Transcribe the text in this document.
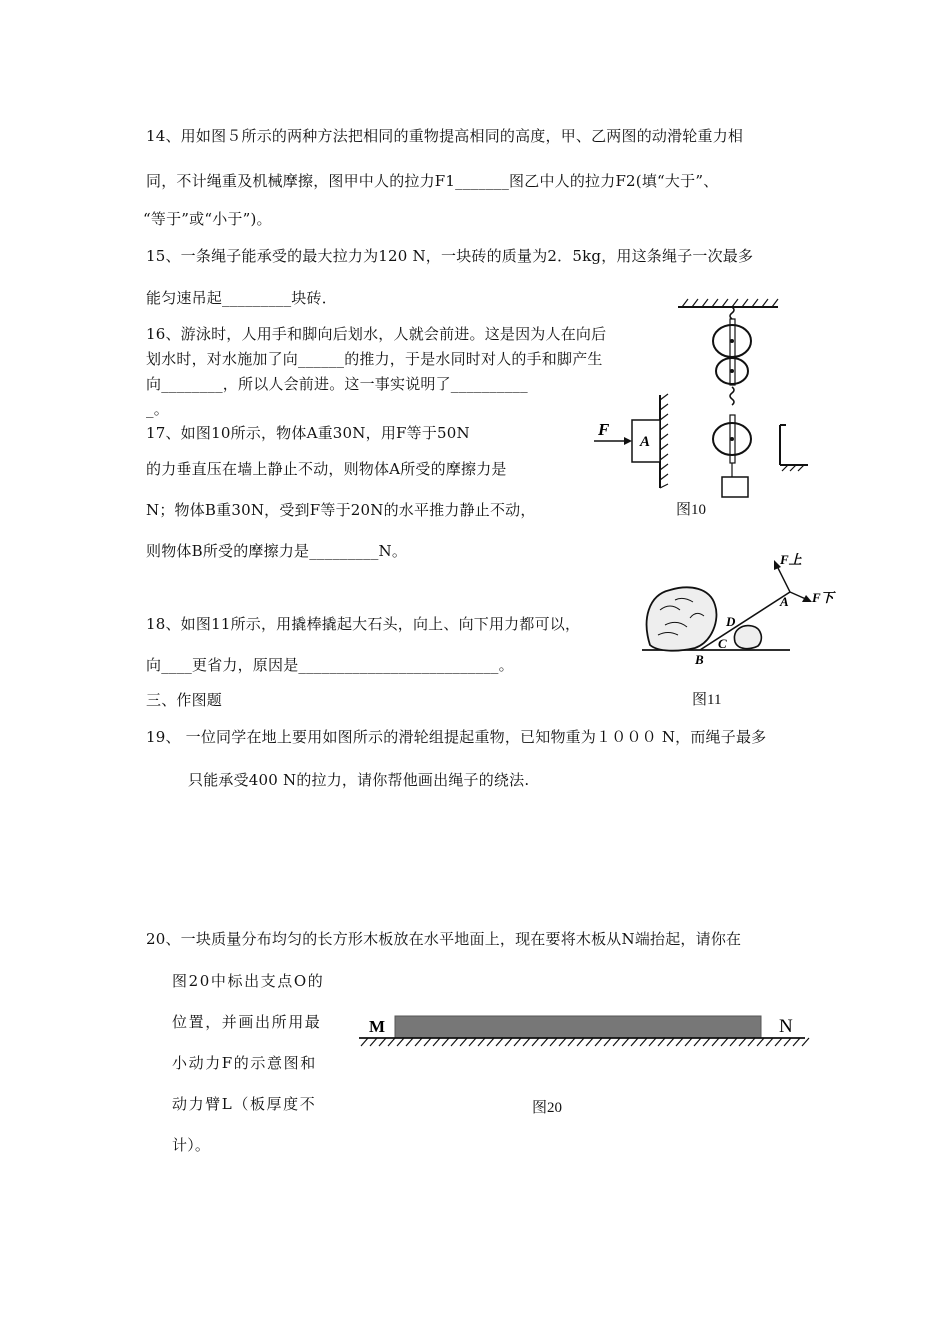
14、用如图５所示的两种方法把相同的重物提高相同的高度，甲、乙两图的动滑轮重力相
同，不计绳重及机械摩擦，图甲中人的拉力F1_______图乙中人的拉力F2(填“大于”、
“等于”或“小于”)。
15、一条绳子能承受的最大拉力为120 N，一块砖的质量为2．5kg，用这条绳子一次最多
能匀速吊起_________块砖．
16、游泳时，人用手和脚向后划水，人就会前进。这是因为人在向后
划水时，对水施加了向______的推力，于是水同时对人的手和脚产生
向________，所以人会前进。这一事实说明了__________
_。
17、如图10所示，物体A重30N，用F等于50N
的力垂直压在墙上静止不动，则物体A所受的摩擦力是
N；物体B重30N，受到F等于20N的水平推力静止不动，
则物体B所受的摩擦力是_________N。
18、如图11所示，用撬棒撬起大石头，向上、向下用力都可以，
向____更省力，原因是__________________________。
三、作图题
19、 一位同学在地上要用如图所示的滑轮组提起重物，已知物重为１０００ N，而绳子最多
只能承受400 N的拉力，请你帮他画出绳子的绕法.
20、一块质量分布均匀的长方形木板放在水平地面上，现在要将木板从N端抬起，请你在
图20中标出支点O的
位置，并画出所用最
小动力F的示意图和
动力臂L（板厚度不
计）。
F
A
图10
F上
A F下
D
C
B
图11
M	N
图20
